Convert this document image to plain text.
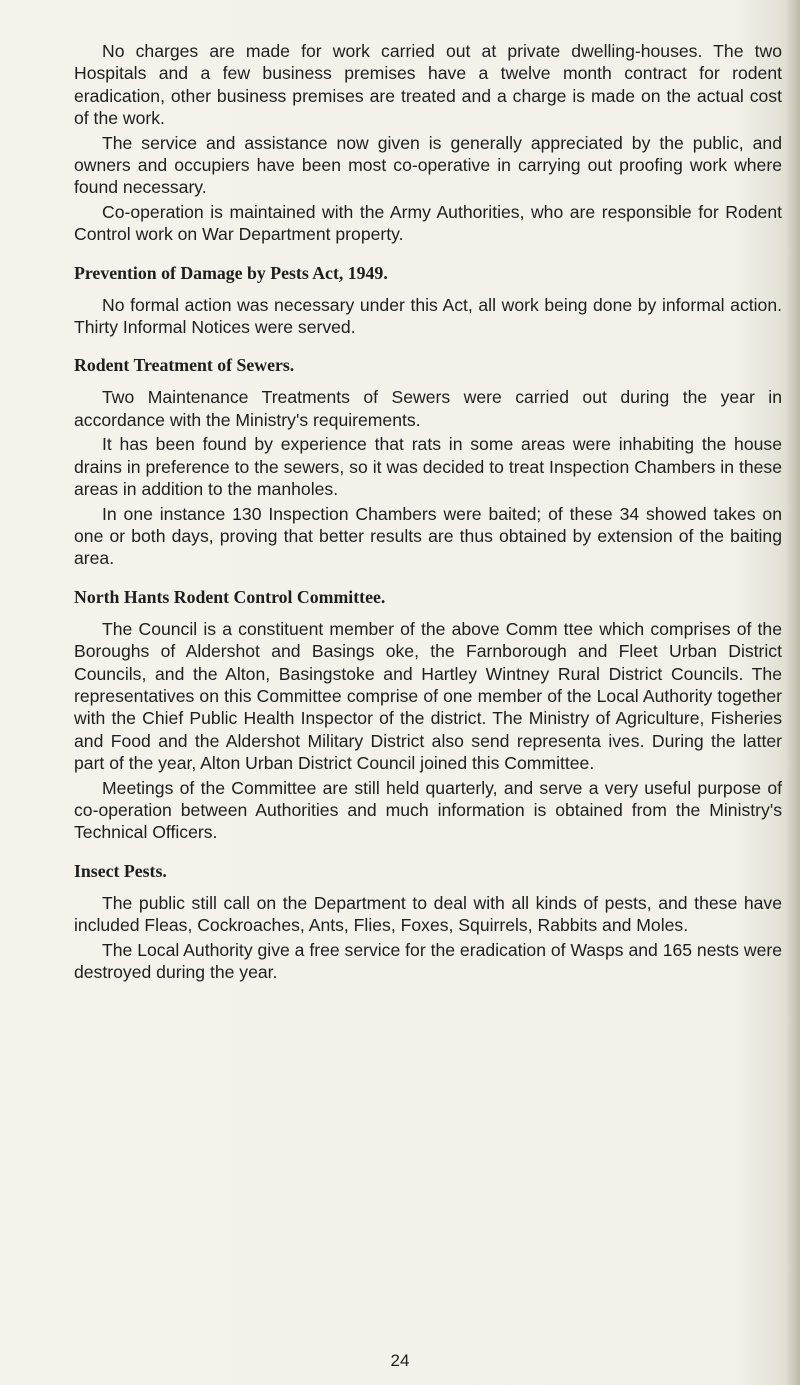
No charges are made for work carried out at private dwelling-houses. The two Hospitals and a few business premises have a twelve month contract for rodent eradication, other business premises are treated and a charge is made on the actual cost of the work.

The service and assistance now given is generally appreciated by the public, and owners and occupiers have been most co-operative in carrying out proofing work where found necessary.

Co-operation is maintained with the Army Authorities, who are responsible for Rodent Control work on War Department property.

Prevention of Damage by Pests Act, 1949.

No formal action was necessary under this Act, all work being done by informal action. Thirty Informal Notices were served.

Rodent Treatment of Sewers.

Two Maintenance Treatments of Sewers were carried out during the year in accordance with the Ministry's requirements.

It has been found by experience that rats in some areas were inhabiting the house drains in preference to the sewers, so it was decided to treat Inspection Chambers in these areas in addition to the manholes.

In one instance 130 Inspection Chambers were baited; of these 34 showed takes on one or both days, proving that better results are thus obtained by extension of the baiting area.

North Hants Rodent Control Committee.

The Council is a constituent member of the above Comm ttee which comprises of the Boroughs of Aldershot and Basings oke, the Farnborough and Fleet Urban District Councils, and the Alton, Basingstoke and Hartley Wintney Rural District Councils. The representatives on this Committee comprise of one member of the Local Authority together with the Chief Public Health Inspector of the district. The Ministry of Agriculture, Fisheries and Food and the Aldershot Military District also send representa ives. During the latter part of the year, Alton Urban District Council joined this Committee.

Meetings of the Committee are still held quarterly, and serve a very useful purpose of co-operation between Authorities and much information is obtained from the Ministry's Technical Officers.

Insect Pests.

The public still call on the Department to deal with all kinds of pests, and these have included Fleas, Cockroaches, Ants, Flies, Foxes, Squirrels, Rabbits and Moles.

The Local Authority give a free service for the eradication of Wasps and 165 nests were destroyed during the year.

24
